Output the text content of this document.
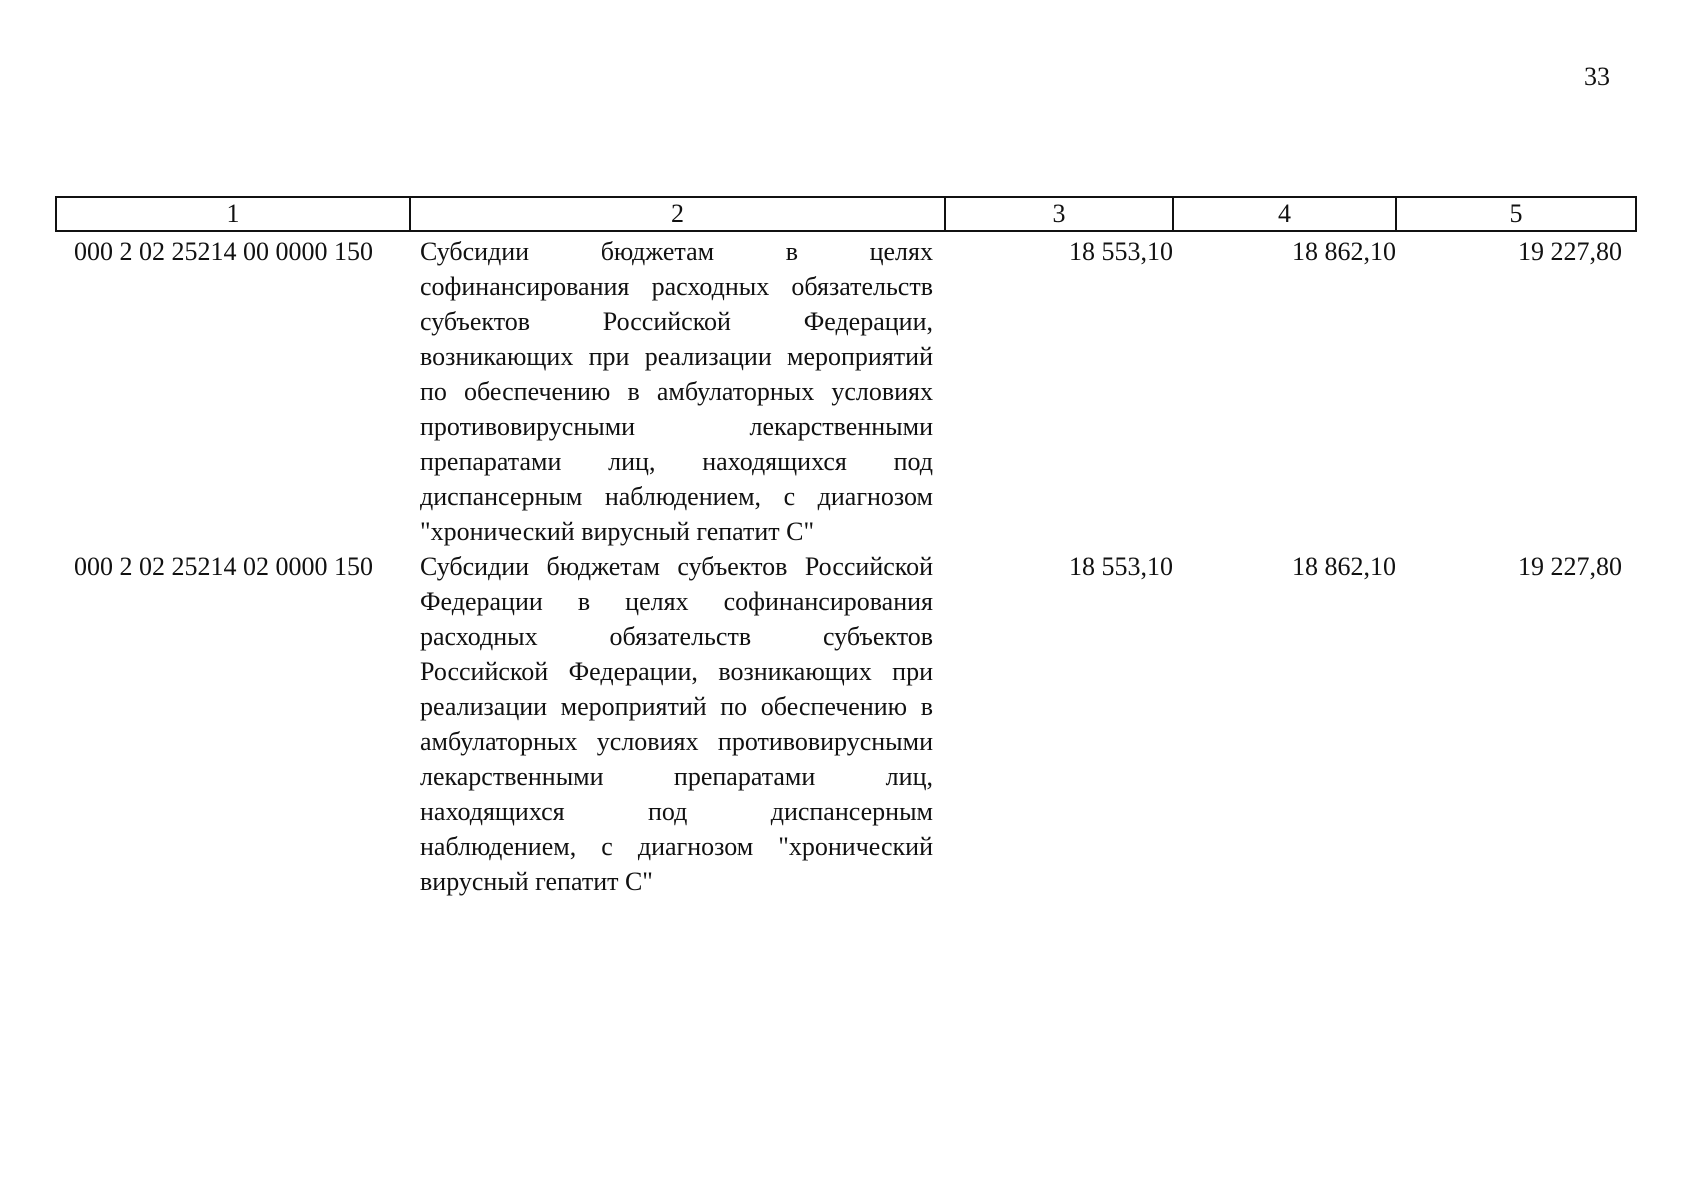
33
1	2	3	4	5
000 2 02 25214 00 0000 150	Субсидии бюджетам в целях софинансирования расходных обязательств субъектов Российской Федерации, возникающих при реализации мероприятий по обеспечению в амбулаторных условиях противовирусными лекарственными препаратами лиц, находящихся под диспансерным наблюдением, с диагнозом "хронический вирусный гепатит С"	18 553,10	18 862,10	19 227,80
000 2 02 25214 02 0000 150	Субсидии бюджетам субъектов Российской Федерации в целях софинансирования расходных обязательств субъектов Российской Федерации, возникающих при реализации мероприятий по обеспечению в амбулаторных условиях противовирусными лекарственными препаратами лиц, находящихся под диспансерным наблюдением, с диагнозом "хронический вирусный гепатит С"	18 553,10	18 862,10	19 227,80
